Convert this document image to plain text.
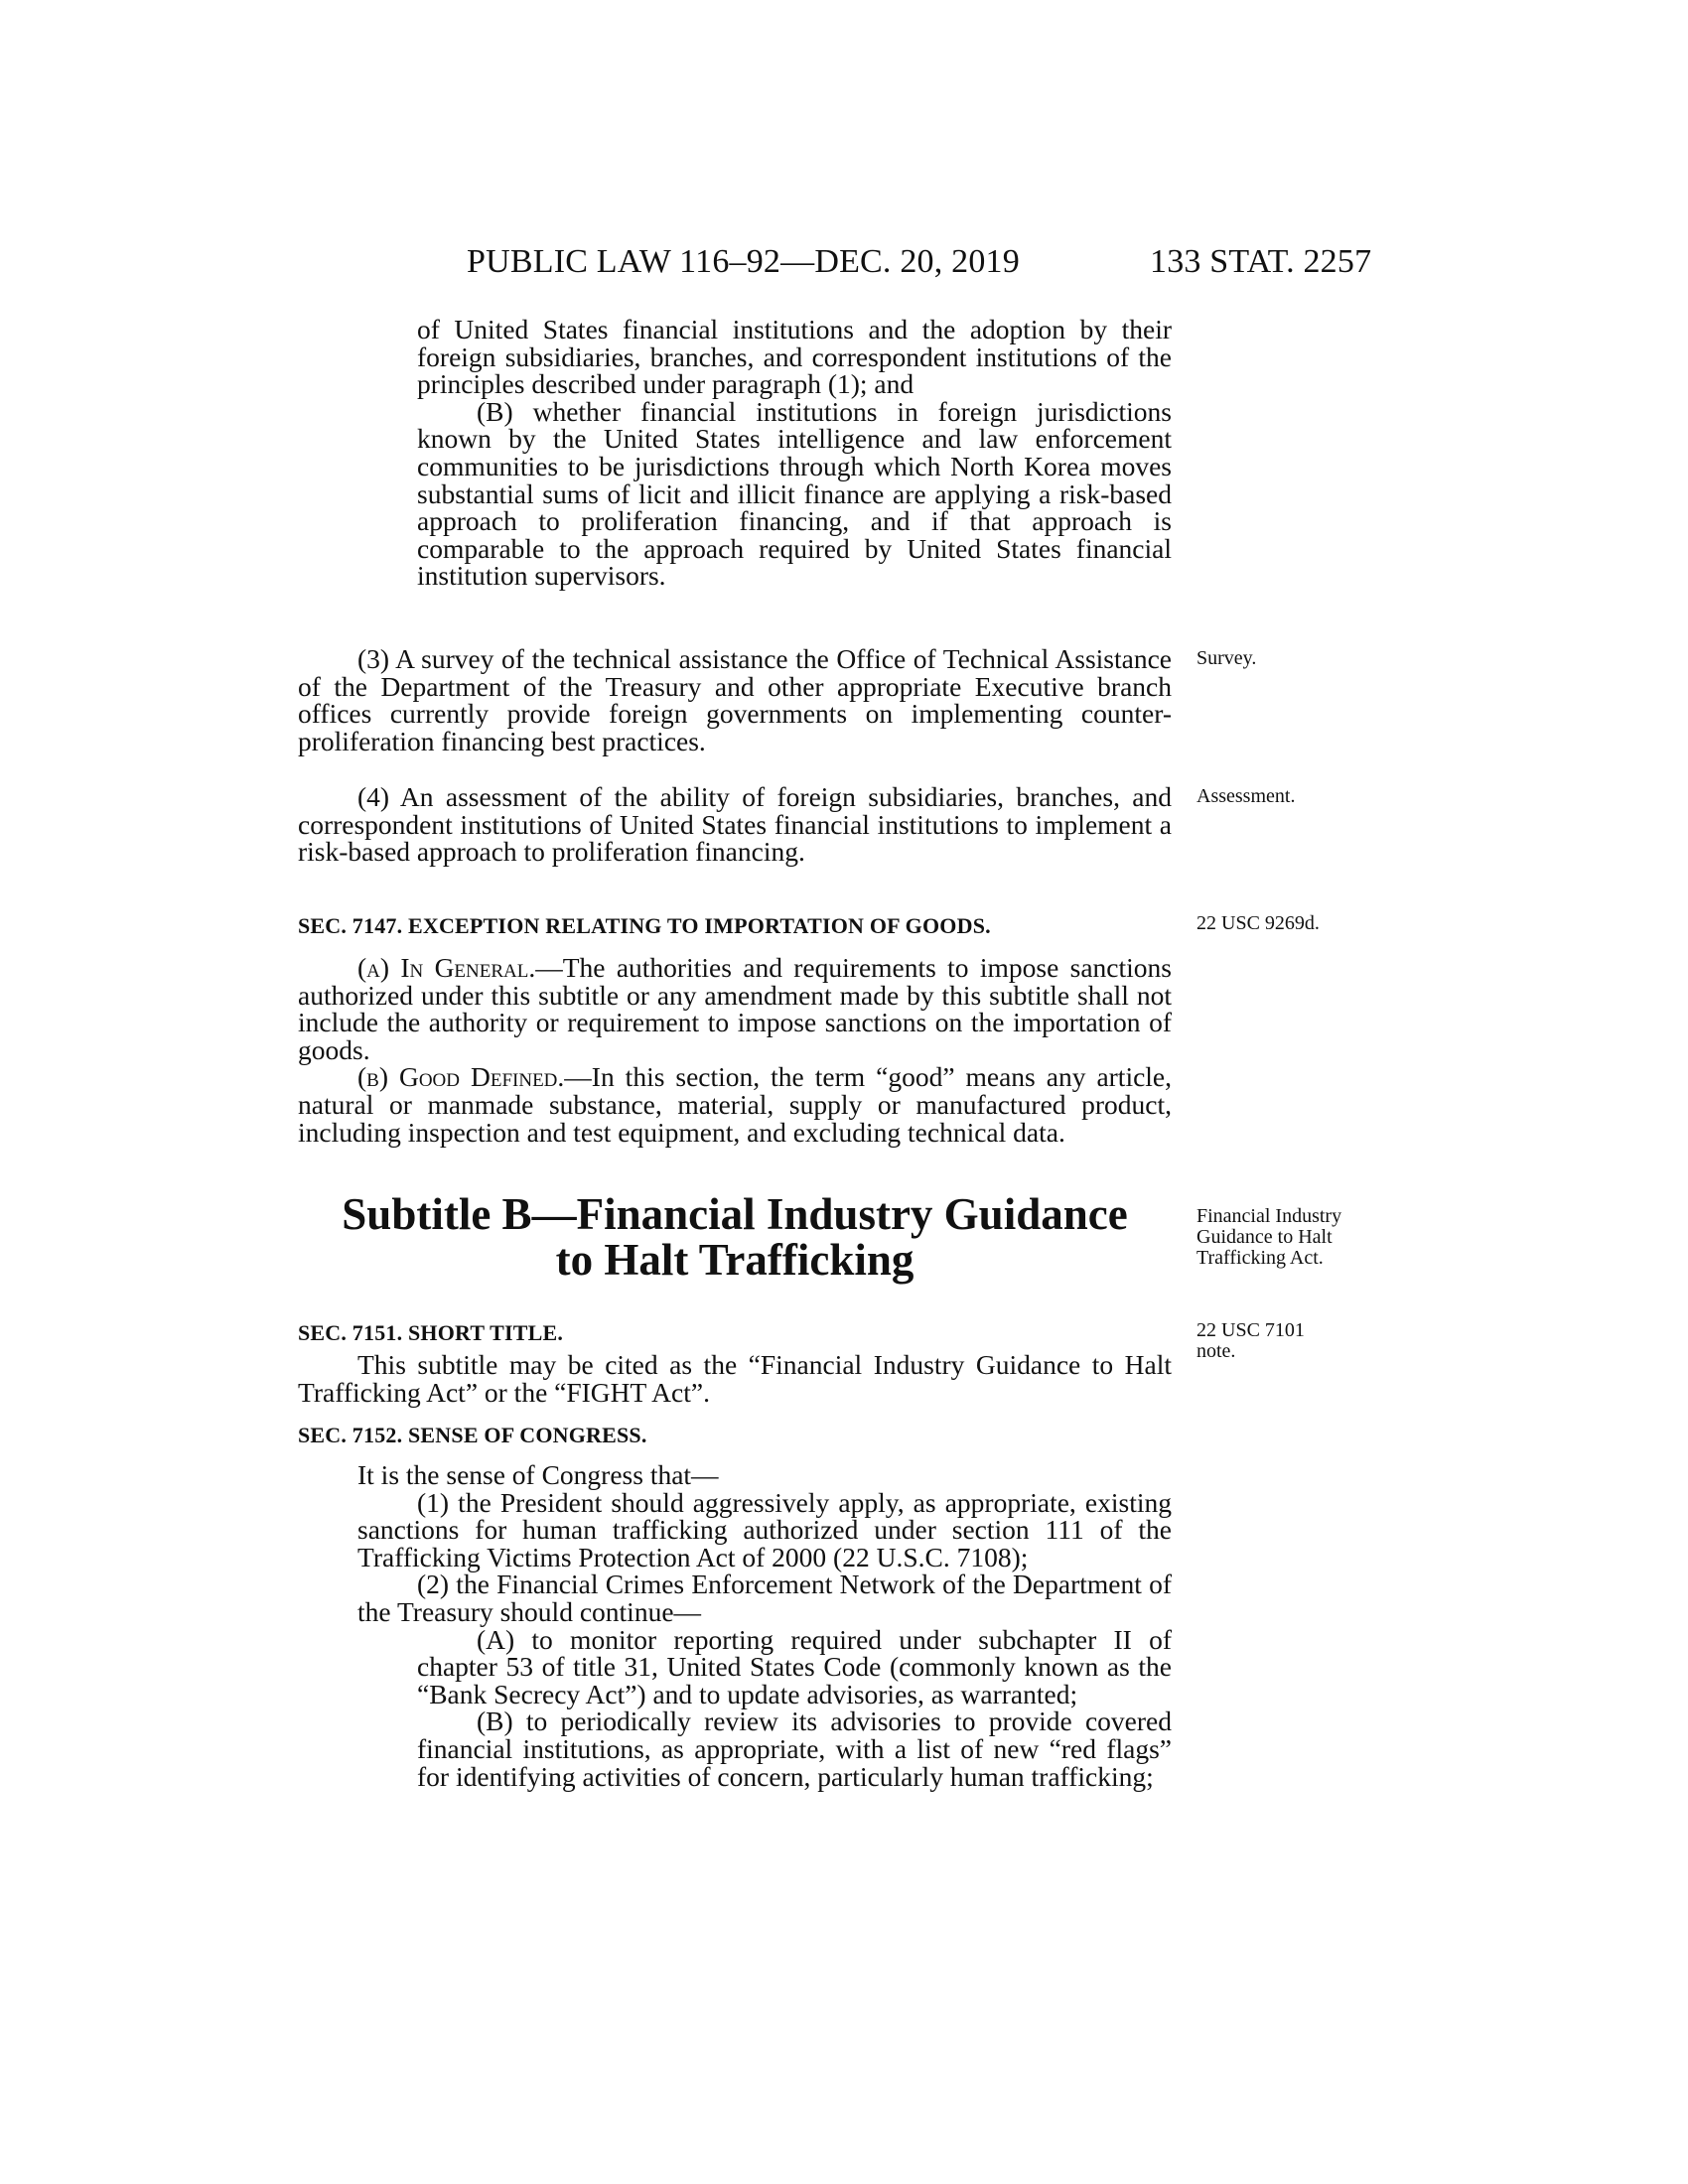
PUBLIC LAW 116–92—DEC. 20, 2019	133 STAT. 2257

of United States financial institutions and the adoption by their foreign subsidiaries, branches, and correspondent institutions of the principles described under paragraph (1); and

(B) whether financial institutions in foreign jurisdictions known by the United States intelligence and law enforcement communities to be jurisdictions through which North Korea moves substantial sums of licit and illicit finance are applying a risk-based approach to proliferation financing, and if that approach is comparable to the approach required by United States financial institution supervisors.

(3) A survey of the technical assistance the Office of Technical Assistance of the Department of the Treasury and other appropriate Executive branch offices currently provide foreign governments on implementing counter-proliferation financing best practices.

(4) An assessment of the ability of foreign subsidiaries, branches, and correspondent institutions of United States financial institutions to implement a risk-based approach to proliferation financing.

SEC. 7147. EXCEPTION RELATING TO IMPORTATION OF GOODS.

(a) In General.—The authorities and requirements to impose sanctions authorized under this subtitle or any amendment made by this subtitle shall not include the authority or requirement to impose sanctions on the importation of goods.

(b) Good Defined.—In this section, the term “good” means any article, natural or manmade substance, material, supply or manufactured product, including inspection and test equipment, and excluding technical data.

Subtitle B—Financial Industry Guidance
to Halt Trafficking
SEC. 7151. SHORT TITLE.

This subtitle may be cited as the “Financial Industry Guidance to Halt Trafficking Act” or the “FIGHT Act”.

SEC. 7152. SENSE OF CONGRESS.

It is the sense of Congress that—

(1) the President should aggressively apply, as appropriate, existing sanctions for human trafficking authorized under section 111 of the Trafficking Victims Protection Act of 2000 (22 U.S.C. 7108);

(2) the Financial Crimes Enforcement Network of the Department of the Treasury should continue—

(A) to monitor reporting required under subchapter II of chapter 53 of title 31, United States Code (commonly known as the “Bank Secrecy Act”) and to update advisories, as warranted;

(B) to periodically review its advisories to provide covered financial institutions, as appropriate, with a list of new “red flags” for identifying activities of concern, particularly human trafficking;

Survey.
Assessment.
22 USC 9269d.
Financial Industry Guidance to Halt Trafficking Act.
22 USC 7101 note.
